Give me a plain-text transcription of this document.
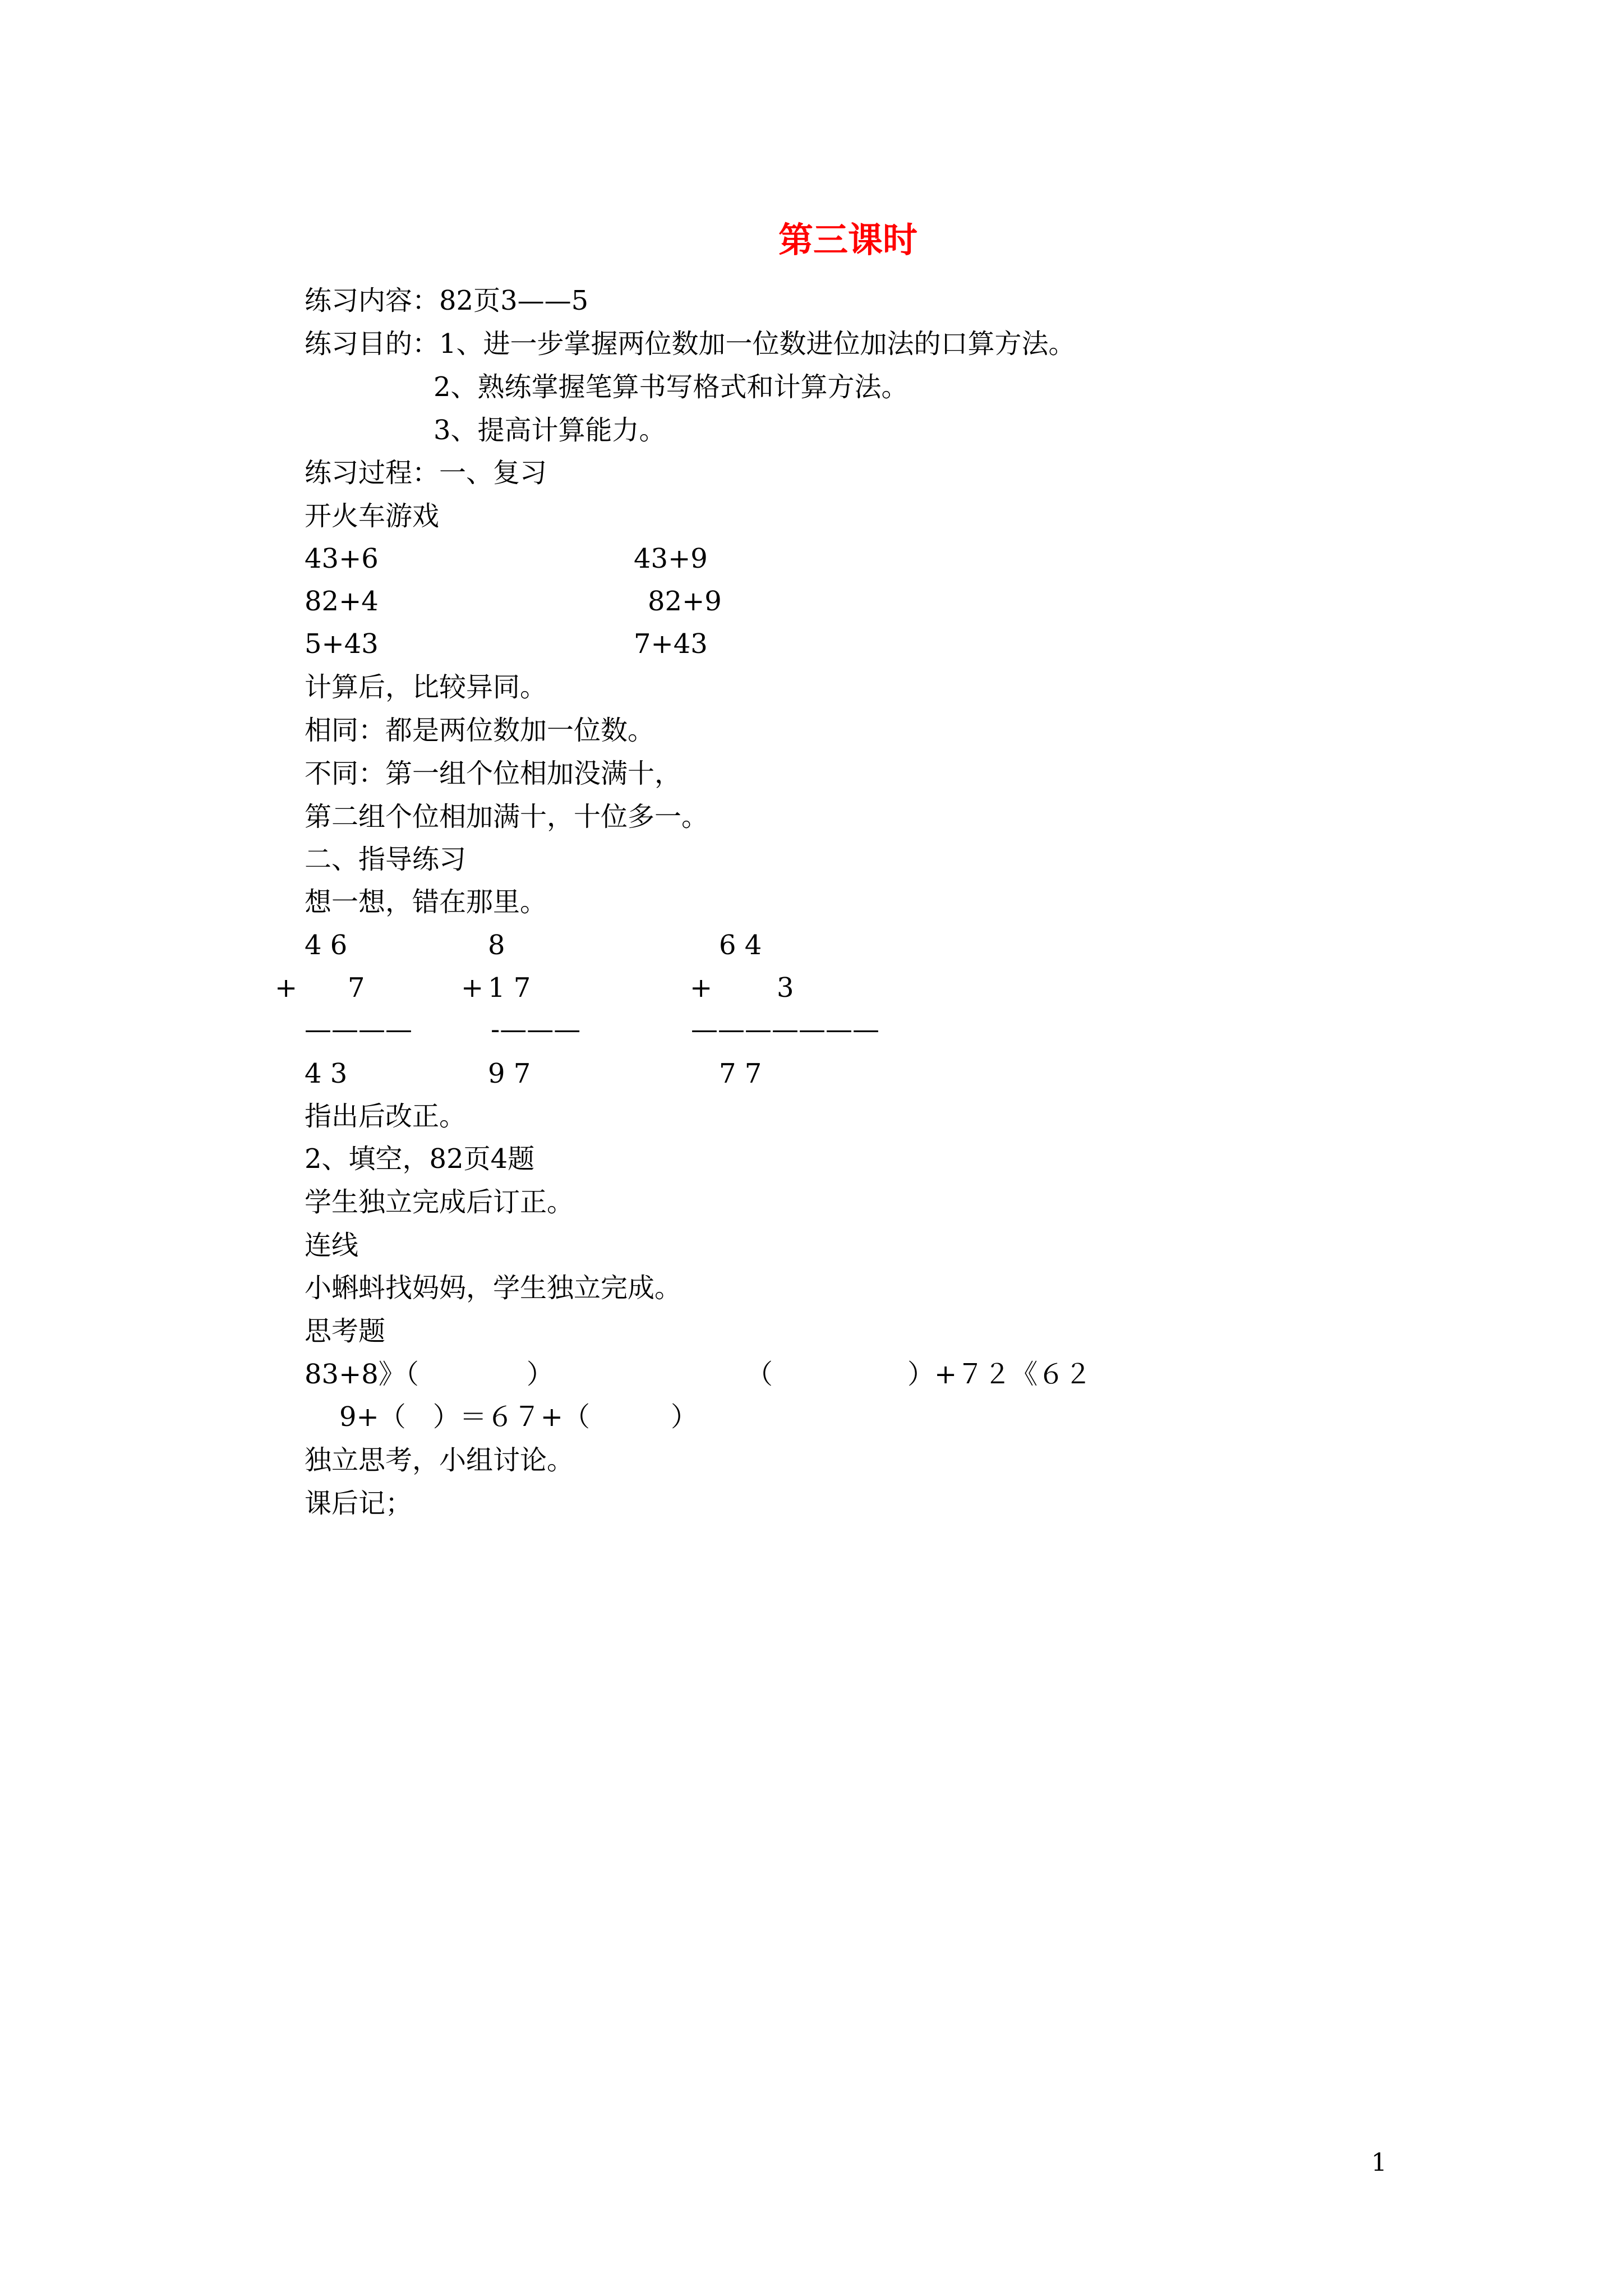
第三课时
练习内容：82页3——5
练习目的：1、进一步掌握两位数加一位数进位加法的口算方法。
2、熟练掌握笔算书写格式和计算方法。
3、提高计算能力。
练习过程：一、复习
开火车游戏
43+6	43+9
82+4	82+9
5+43	7+43
计算后，比较异同。
相同：都是两位数加一位数。
不同：第一组个位相加没满十，
第二组个位相加满十，十位多一。
二、指导练习
想一想，错在那里。
4 6
+ 7
————
4 3
8
+ 1 7
-———
9 7
6 4
+ 3
———————
7 7
指出后改正。
2、填空，82页4题
学生独立完成后订正。
连线
小蝌蚪找妈妈，学生独立完成。
思考题
83+8》（　　　　）	（　　　　　）+７２《６２
9+（　）＝６７+（　　　）
独立思考，小组讨论。
课后记；
1
